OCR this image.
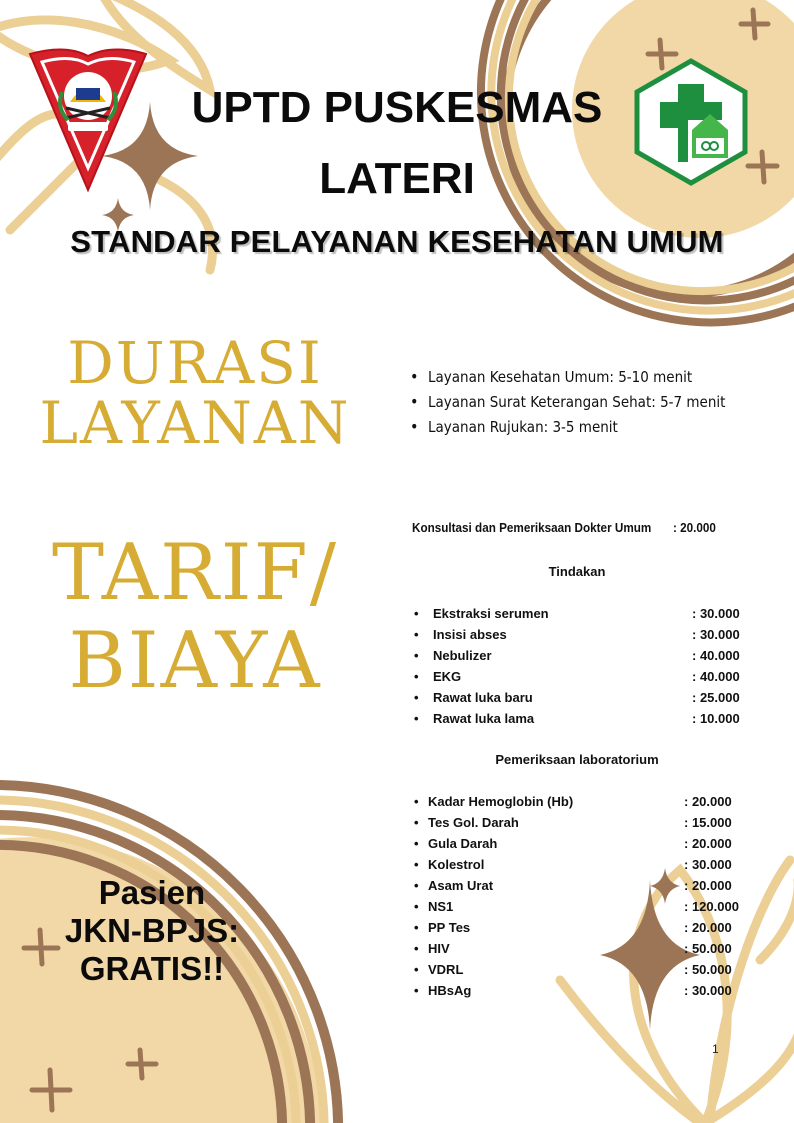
UPTD PUSKESMAS
LATERI
STANDAR PELAYANAN KESEHATAN UMUM
DURASI
LAYANAN
• Layanan Kesehatan Umum: 5-10 menit
• Layanan Surat Keterangan Sehat: 5-7 menit
• Layanan Rujukan: 3-5 menit
TARIF/
BIAYA
Konsultasi dan Pemeriksaan Dokter Umum : 20.000
Tindakan
• Ekstraksi serumen	: 30.000
• Insisi abses	: 30.000
• Nebulizer	: 40.000
• EKG	: 40.000
• Rawat luka baru	: 25.000
• Rawat luka lama	: 10.000
Pemeriksaan laboratorium
• Kadar Hemoglobin (Hb)	: 20.000
• Tes Gol. Darah	: 15.000
• Gula Darah	: 20.000
• Kolestrol	: 30.000
• Asam Urat	: 20.000
• NS1	: 120.000
• PP Tes	: 20.000
• HIV	: 50.000
• VDRL	: 50.000
• HBsAg	: 30.000
Pasien
JKN-BPJS:
GRATIS!!
1
